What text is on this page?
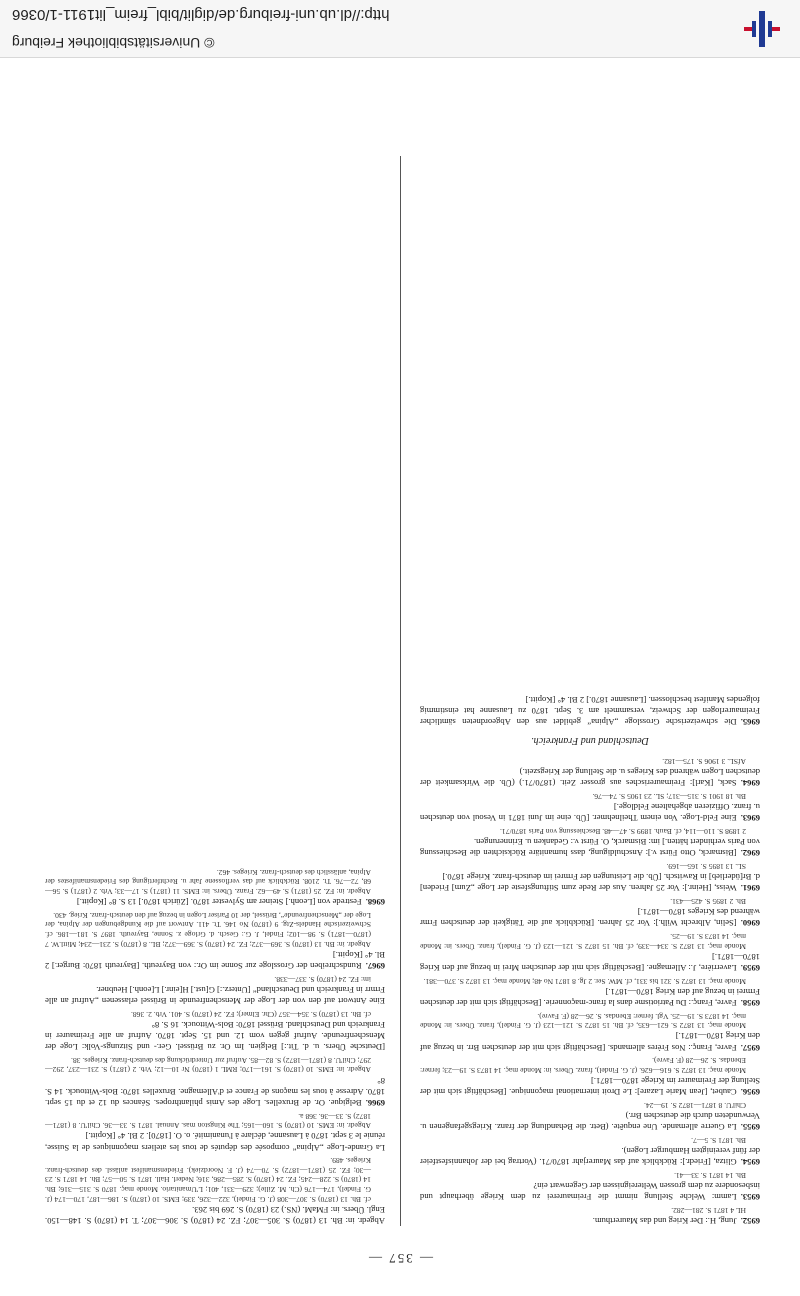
© Universitätsbibliothek Freiburg
http://dl.ub.uni-freiburg.de/diglit/bibl_freim_lit1911-1/0366
— 357 —
6952.Jung, H.: Der Krieg und das Maurerthum.
HL 4 1871 S. 281—282.
6953.Lamm: Welche Stellung nimmt die Freimaurerei zu dem Kriege überhaupt und insbesondere zu dem grossen Weltereignissen der Gegenwart ein?
Bh. 14 1871 S. 33—41.
6954.Glitza, [Friedr.]: Rückblick auf das Maurerjahr 1870/71. (Vortrag bei der Johannisfestfeier der fünf vereinigten Hamburger Logen).
Bh. 1871 S. 5—7.
6955.La Guerre allemande. Une enquête. (Betr. die Behandlung der franz. Kriegsgefangenen u. Verwundeten durch die deutschen Brr.)
Chil'U. 8 1871—1872 S. 19—24.
6956.Caubet, [Jean Marie Lazare]: Le Droit international maçonnique. [Beschäftigt sich mit der Stellung der Freimaurer im Kriege 1870—1871.]
Monde maç. 13 1872 S. 616—626. (J. G. Findel), franz. Übers. in: Monde maç. 14 1873 S. 19—23; ferner: Ebendas. S. 26—28 (F. Favre).
6957.Favre, Franç.: Nos Frères allemands. [Beschäftigt sich mit der deutschen Brr. in bezug auf den Krieg 1870—1871.]
Monde maç. 13 1872 S. 621—635, cf. Bh. 15 1872 S. 121—123 (J. G. Findel), franz. Übers. in: Monde maç. 14 1873 S. 19—25. Vgl. ferner: Ebendas. S. 26—28 (F. Favre).
6958.Favre, Franç.: Du Patriotisme dans la franc-maçonnerie. [Beschäftigt sich mit der deutschen Frmrei in bezug auf den Krieg 1870—1871.]
Monde maç. 13 1872 S. 321 bis 331, cf. MW. Ser. 2 Jg. 8 1871 No 48; Monde maç. 13 1872 S. 370—381.
6959.Laverrière, J.: Allemagne. [Beschäftigt sich mit der deutschen Mrei in bezug auf den Krieg 1870—1871.]
Monde maç. 13 1872 S. 334—339, cf. Bh. 15 1872 S. 121—123 (J. G. Findel), franz. Übers. in: Monde maç. 14 1873 S. 19—25.
6960.[Selin, Albrecht Wilh.]: Vor 25 Jahren. [Rückblick auf die Tätigkeit der deutschen Frmr während des Krieges 1870—1871.]
Bh. 2 1895 S. 425—431.
6961.Weiss, [Heinr.]: Vor 25 Jahren. Aus der Rede zum Stiftungsfeste der Loge „Zum] Frieden] d. Br[üderlieb] in Rawitsch. [Üb. die Leistungen der Frmrei im deutsch-franz. Kriege 1870.]
SL. 13 1895 S. 165—169.
6962.[Bismarck, Otto Fürst v.]: Anschuldigung, dass humanitäre Rücksichten die Beschiessung von Paris verhindert hätten.] im: Bismarck, O. Fürst v.: Gedanken u. Erinnerungen.
2 1898 S. 110—114, cf. Bauh. 1899 S. 47—48. Beschiessung von Paris 1870/71.
6963.Eine Feld-Loge. Von einem Theilnehmer. [Üb. eine im Juni 1871 in Vesoul von deutschen u. franz. Offizieren abgehaltene Feldloge.]
Bh. 18 1901 S. 315—317; SL. 23 1905 S. 74—76.
6964.Sack, [Karl]: Freimaurerisches aus grosser Zeit. (1870/71.) (Üb. die Wirksamkeit der deutschen Logen während des Krieges u. die Stellung der Kriegszeit.)
AfSL. 3 1906 S. 175—182.
Deutschland und Frankreich.
6965.Die schweizerische Grossloge „Alpina“ gebildet aus den Abgeordneten sämtlicher Freimaurerlogen der Schweiz, versammelt am 3. Sept. 1870 zu Lausanne hat einstimmig folgendes Manifest beschlossen. [Lausanne 1870.] 2 Bl. 4° [Kopitt.]
Abgedr. in: Bh. 13 (1870) S. 305—307; FZ. 24 (1870) S. 306—307; T. 14 (1870) S. 148—150. Engl. Übers. in: FMaM. (NS.) 23 (1870) S. 269 bis 263.
cf. Bh. 13 (1870) S. 307—308 (J. G. Findel), 322—326, 339; EMS. 10 (1870) S. 186—187, 170—174 (J. G. Findel), 174—176 (Ch. M. Zille); 329—331, 401; L'Umanitario. Monde maç. 1870 S. 315—316; Bh. 14 (1870) S. 228—245; FZ. 24 (1870) S. 285—286, 316; Nederl. Hall. 1871 S. 50—57; Bh. 14 1871 S. 23—30; FZ. 25 (1871—1872) S. 70—74 (J. F. Noordziek). Friedensmanifest anlässl. des deutsch-franz. Krieges. 489.
La Grande-Loge „Alpina“ composée des députés de tous les ateliers maçonniques de la Suisse, réunie le 3 sept. 1870 à Lausanne, déclare à l'unanimité. o. O. [1870]. 2 Bl. 4° [Kopitt.]
Abgedr. in: EMS. 10 (1870) S. 160—165; The Kingston mas. Annual. 1871 S. 33—36. Chil'U. 8 (1871—1872) S. 33—36. 368 a.
6966.Belgique. Or. de Bruxelles. Loge des Amis philanthropes. Séances du 12 et du 15 sept. 1870. Adresse à tous les maçons de France et d'Allemagne. Bruxelles 1870: Bols-Wittouck. 14 S. 8°
Abgedr. in: EMS. 10 (1870) S. 161—170; RML 1 (1870) Nr 10—12; Vrb. 2 (1871) S. 231—237, 292—297; Chil'U. 8 (1871—1872) S. 82—85. Aufruf zur Unterdrückung des deutsch-franz. Krieges. 38.
[Deutsche Übers. u. d. Tit.:] Belgien. Im Or. zu Brüssel. Ger.- und Sitzungs-Volk: Loge der Menschenfreunde. Aufruf gegen vom 12. und 15. Sept. 1870. Aufruf an alle Freimaurer in Frankreich und Deutschland. Brüssel 1870: Bols-Wittouck. 16 S. 8°
cf. Bh. 13 (1870) S. 354—357 (Chr. Elmer); FZ. 24 (1870) S. 401. Vrb. 2. 368.
Eine Antwort auf den von der Loge der Menschenfreunde in Brüssel erlassenen „Aufruf an alle Frmrr in Frankreich und Deutschland“ [Unterz.:] G[ust.] H[einr.] L[eonh.] Heubner.
im: FZ. 24 (1870) S. 337—338.
6967.Rundschreiben der Grossloge zur Sonne im Or.: von Bayreuth. [Bayreuth 1870: Burger.] 2 Bl. 4° [Kopitt.]
Abgedr. in: Bh. 13 (1870) S. 369—372; FZ. 24 (1870) S. 369—372; BL. 8 (1870) S. 231—234; Mittl.W. 7 (1870—1871) S. 98—102; Findel, J. G.: Gesch. d. Grloge z. Sonne, Bayreuth. 1897 S. 181—186. cf. Schweizerische Handels-Ztg. 9 (1870) No 146. Tt. 411. Antwort auf die Kundgebungen der Alpina, der Loge der „Menschenfreunde“, Brüssel, der 10 Pariser Logen in bezug auf den deutsch-franz. Krieg. 430.
6968.Festrede von [Leonh.] Steiner am Sylvester 1870. [Zürich 1870.] 13 S. 8° [Kopitt.]
Abgedr. in: FZ. 25 (1871) S. 49—62. Franz. Übers. in: EMS. 11 (1871) S. 17—33; Vrb. 2 (1871) S. 56—68, 72—76. Tt. 2108. Rückblick auf das verflossene Jahr u. Rechtfertigung des Friedensmanifestes der Alpina, anlässlich des deutsch-franz. Krieges. 462.
